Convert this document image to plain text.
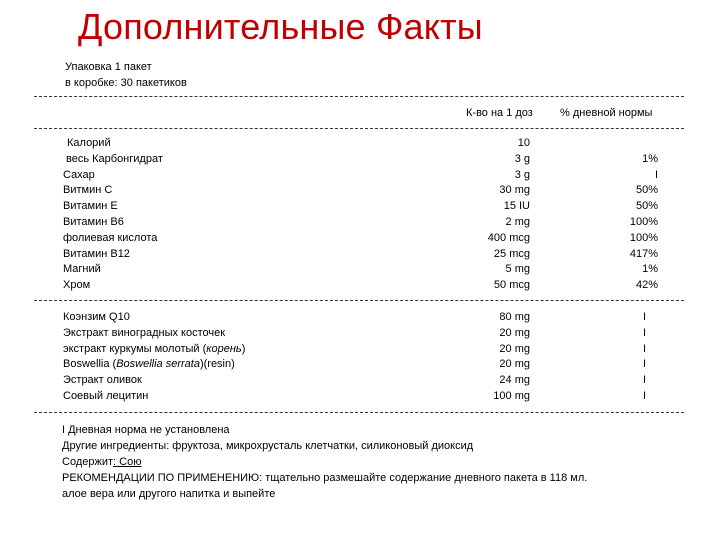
Дополнительные Факты
Упаковка 1 пакет
в коробке: 30 пакетиков
К-во на 1 доз % дневной нормы
Калорий
весь Карбонгидрат
Сахар
Витмин С
Витамин E
Витамин B6
фолиевая кислота
Витамин B12
Магний
Хром
10
3 g
3 g
30 mg
15 IU
2 mg
400 mcg
25 mcg
5 mg
50 mcg
1%
I
50%
50%
100%
100%
417%
1%
42%
Коэнзим Q10
Экстракт виноградных косточек
экстракт куркумы молотый (корень)
Boswellia (Boswellia serrata)(resin)
Эстракт оливок
Соевый лецитин
80 mg
20 mg
20 mg
20 mg
24 mg
100 mg
I
I
I
I
I
I
I Дневная норма не установлена
Другие ингредиенты: фруктоза, микрохрусталь клетчатки, силиконовый диоксид
Содержит: Сою
РЕКОМЕНДАЦИИ ПО ПРИМЕНЕНИЮ: тщательно размешайте содержание дневного пакета в 118 мл.
алое вера или другого напитка и выпейте
